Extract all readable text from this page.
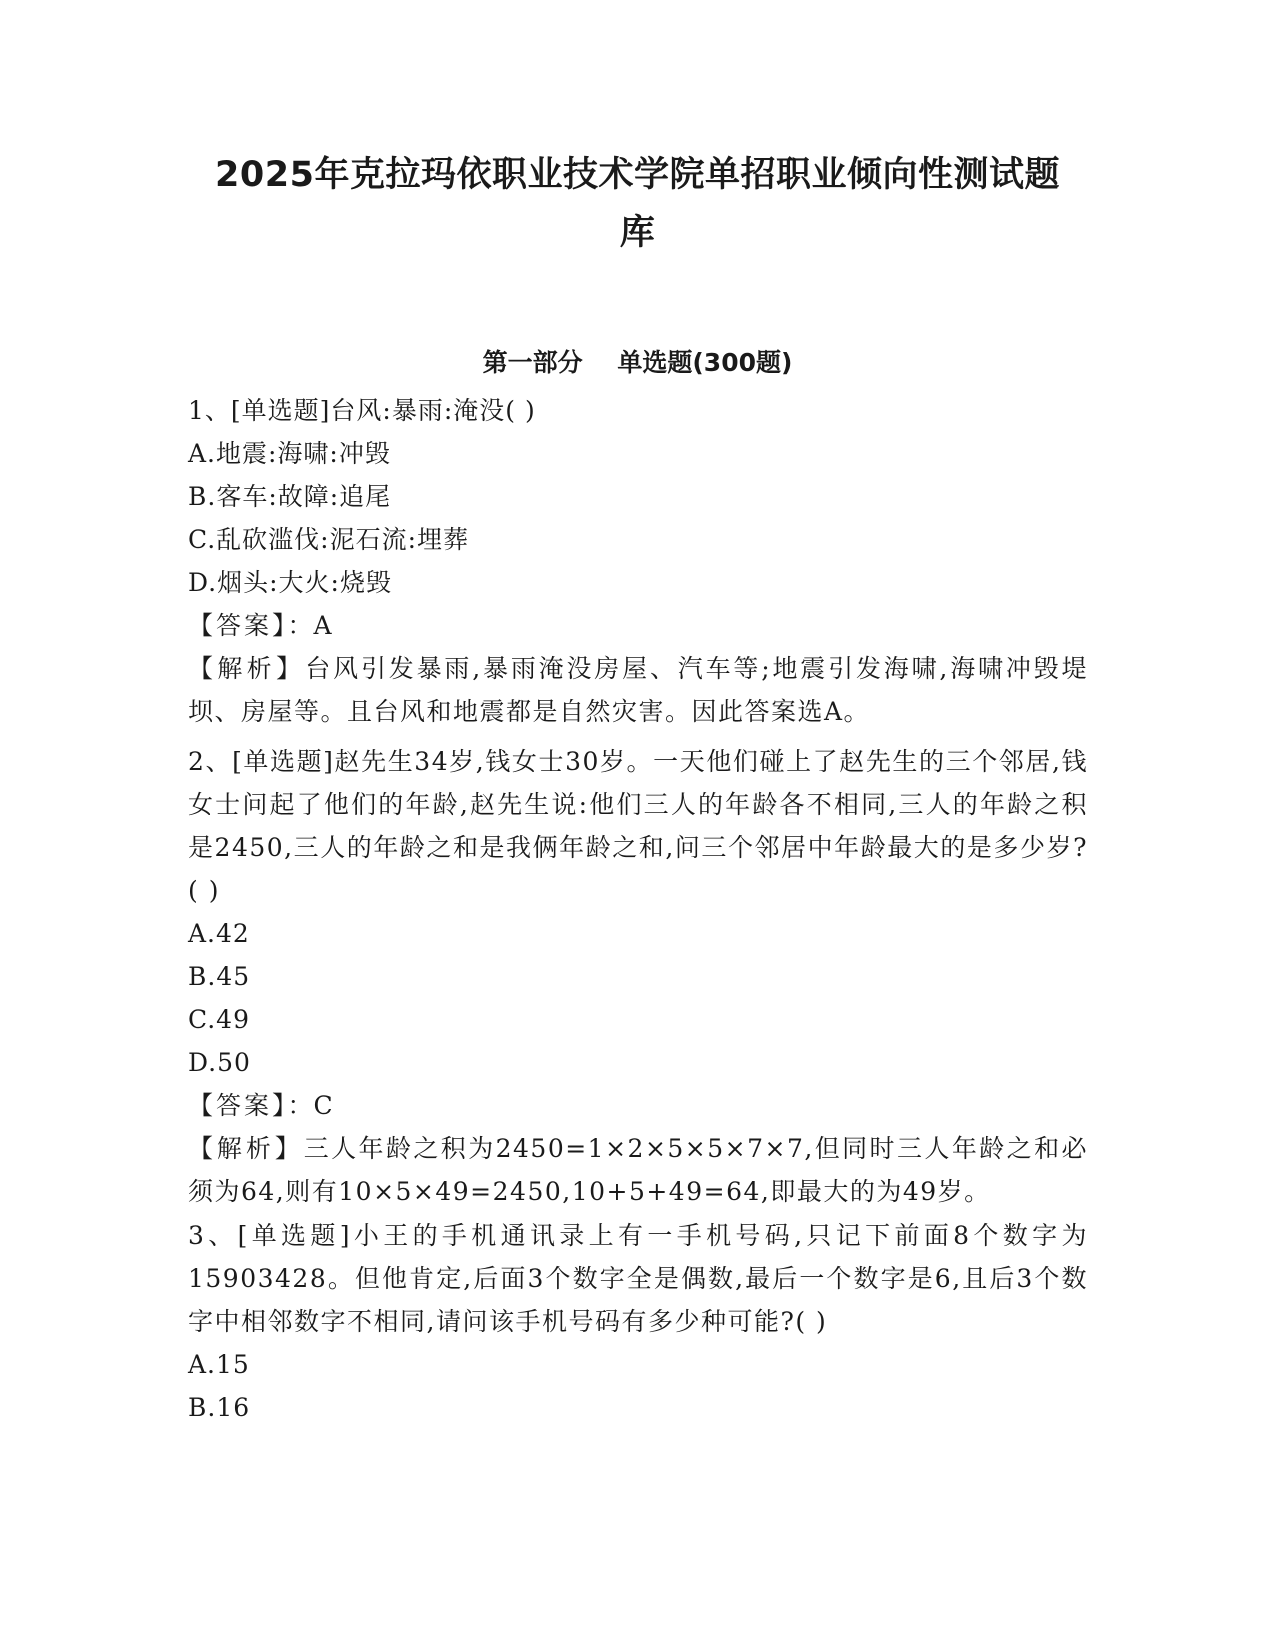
2025年克拉玛依职业技术学院单招职业倾向性测试题
库
第一部分    单选题(300题)
1、[单选题]台风:暴雨:淹没( )
A.地震:海啸:冲毁
B.客车:故障:追尾
C.乱砍滥伐:泥石流:埋葬
D.烟头:大火:烧毁
【答案】：A
【解析】台风引发暴雨,暴雨淹没房屋、汽车等;地震引发海啸,海啸冲毁堤坝、房屋等。且台风和地震都是自然灾害。因此答案选A。
2、[单选题]赵先生34岁,钱女士30岁。一天他们碰上了赵先生的三个邻居,钱女士问起了他们的年龄,赵先生说:他们三人的年龄各不相同,三人的年龄之积是2450,三人的年龄之和是我俩年龄之和,问三个邻居中年龄最大的是多少岁?( )
A.42
B.45
C.49
D.50
【答案】：C
【解析】三人年龄之积为2450=1×2×5×5×7×7,但同时三人年龄之和必须为64,则有10×5×49=2450,10+5+49=64,即最大的为49岁。
3、[单选题]小王的手机通讯录上有一手机号码,只记下前面8个数字为15903428。但他肯定,后面3个数字全是偶数,最后一个数字是6,且后3个数字中相邻数字不相同,请问该手机号码有多少种可能?( )
A.15
B.16
